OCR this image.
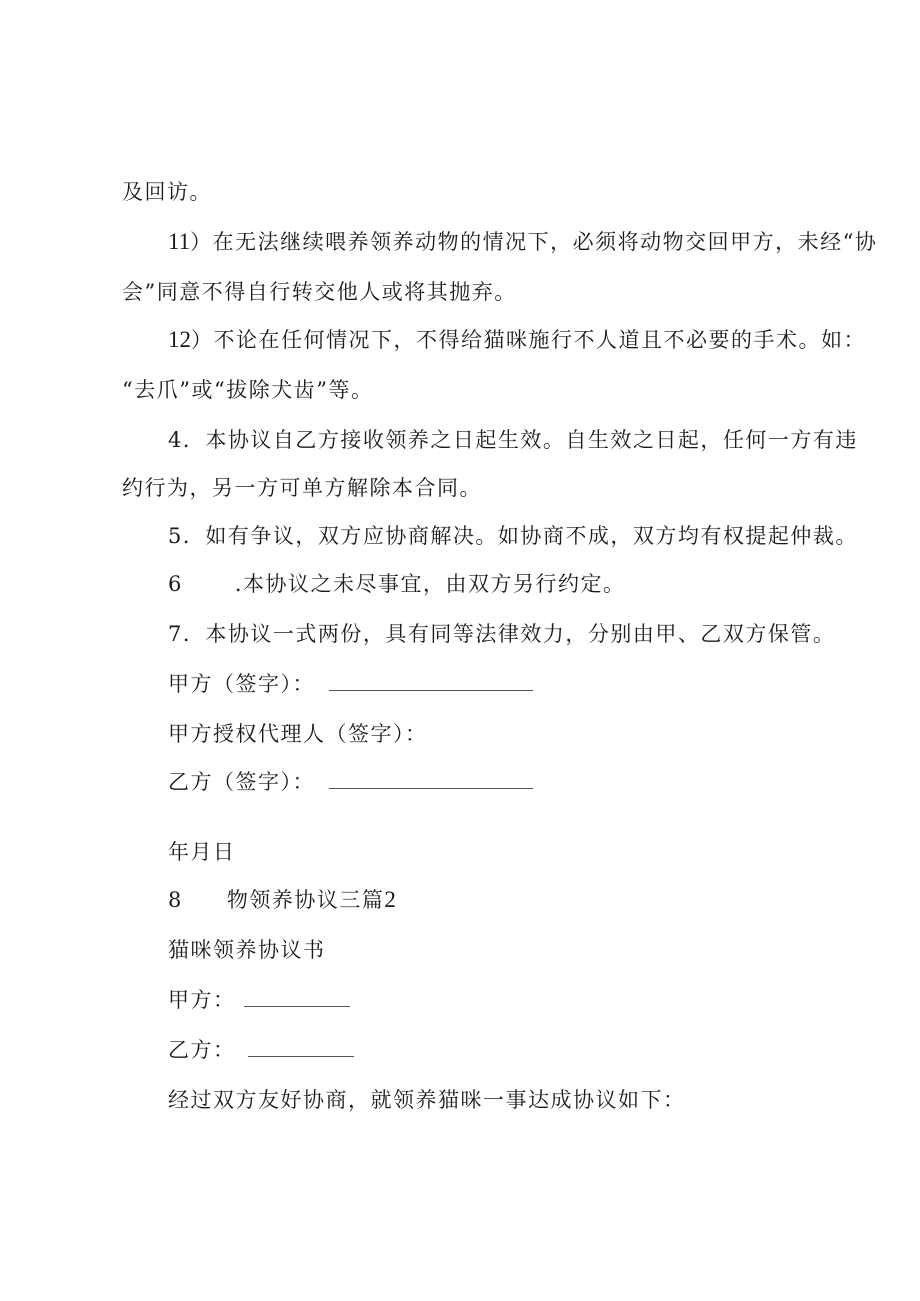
及回访。
11）在无法继续喂养领养动物的情况下，必须将动物交回甲方，未经“协
会”同意不得自行转交他人或将其抛弃。
12）不论在任何情况下，不得给猫咪施行不人道且不必要的手术。如：
“去爪”或“拔除犬齿”等。
4．本协议自乙方接收领养之日起生效。自生效之日起，任何一方有违
约行为，另一方可单方解除本合同。
5．如有争议，双方应协商解决。如协商不成，双方均有权提起仲裁。
6 .本协议之未尽事宜，由双方另行约定。
7．本协议一式两份，具有同等法律效力，分别由甲、乙双方保管。
甲方（签字）：
甲方授权代理人（签字）：
乙方（签字）：
年月日
8 物领养协议三篇2
猫咪领养协议书
甲方：
乙方：
经过双方友好协商，就领养猫咪一事达成协议如下：
